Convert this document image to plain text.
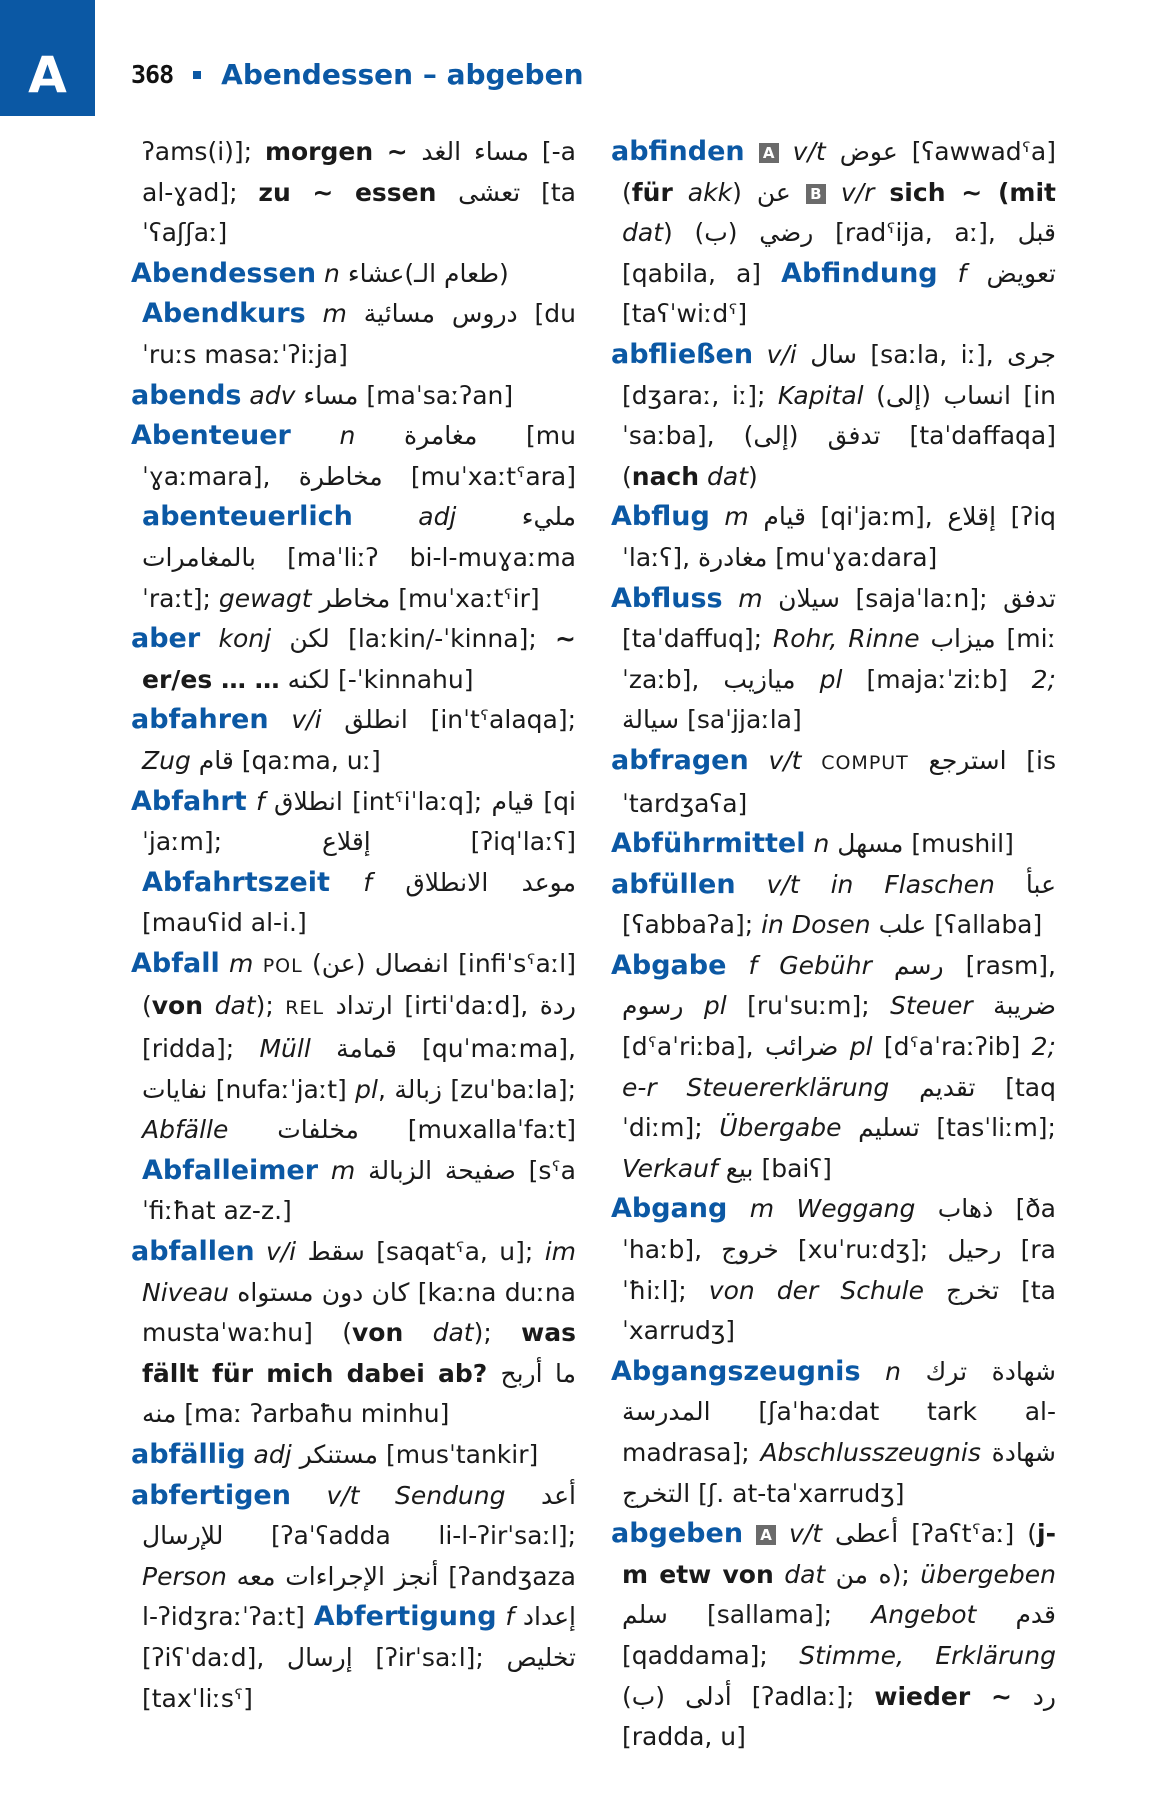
A	368 Abendessen – abgeben

ʔams(i)]; morgen ~ مساء الغد [-a al-ɣad]; zu ~ essen تعشى [taˈʕaʃʃaː]

Abendessen n (طعام الـ)عشاء

Abendkurs m دروس مسائية [duˈruːs masaːˈʔiːja]

abends adv مساء [maˈsaːʔan]

Abenteuer n مغامرة [muˈɣaːmara], مخاطرة [muˈxaːtˁara] abenteuerlich adj مليء بالمغامرات [maˈliːʔ bi-l-muɣaːmaˈraːt]; gewagt مخاطر [muˈxaːtˁir]

aber konj لكن [laːkin/-ˈkinna]; ~ er/es … … لكنه [-ˈkinnahu]

abfahren v/i انطلق [inˈtˁalaqa]; Zug قام [qaːma, uː]

Abfahrt f انطلاق [intˁiˈlaːq]; قيام [qiˈjaːm]; إقلاع [ʔiqˈlaːʕ] Abfahrtszeit f موعد الانطلاق [mauʕid al-i.]

Abfall m POL انفصال (عن) [infiˈsˁaːl] (von dat); REL ارتداد [irtiˈdaːd], ردة [ridda]; Müll قمامة [quˈmaːma], نفايات [nufaːˈjaːt] pl, زبالة [zuˈbaːla]; Abfälle مخلفات [muxallaˈfaːt] Abfalleimer m صفيحة الزبالة [sˁaˈfiːħat az-z.]

abfallen v/i سقط [saqatˁa, u]; im Niveau كان دون مستواه [kaːna duːna mustaˈwaːhu] (von dat); was fällt für mich dabei ab? ما أربح منه [maː ʔarbaħu minhu]

abfällig adj مستنكر [musˈtankir]

abfertigen v/t Sendung أعد للإرسال [ʔaˈʕadda li-l-ʔirˈsaːl]; Person أنجز الإجراءات معه [ʔandʒaza l-ʔidʒraːˈʔaːt] Abfertigung f إعداد [ʔiʕˈdaːd], إرسال [ʔirˈsaːl]; تخليص [taxˈliːsˁ]

abfinden A v/t عوض [ʕawwadˁa] (für akk) عن B v/r sich ~ (mit dat) رضي (ب) [radˁija, aː], قبل [qabila, a] Abfindung f تعويض [taʕˈwiːdˁ]

abfließen v/i سال [saːla, iː], جرى [dʒaraː, iː]; Kapital انساب (إلى) [inˈsaːba], تدفق (إلى) [taˈdaffaqa] (nach dat)

Abflug m قيام [qiˈjaːm], إقلاع [ʔiqˈlaːʕ], مغادرة [muˈɣaːdara]

Abfluss m سيلان [sajaˈlaːn]; تدفق [taˈdaffuq]; Rohr, Rinne ميزاب [miːˈzaːb], ميازيب pl [majaːˈziːb] 2; سيالة [saˈjjaːla]

abfragen v/t COMPUT استرجع [isˈtardʒaʕa]

Abführmittel n مسهل [mushil]

abfüllen v/t in Flaschen عبأ [ʕabbaʔa]; in Dosen علب [ʕallaba]

Abgabe f Gebühr رسم [rasm], رسوم pl [ruˈsuːm]; Steuer ضريبة [dˁaˈriːba], ضرائب pl [dˁaˈraːʔib] 2; e-r Steuererklärung تقديم [taqˈdiːm]; Übergabe تسليم [tasˈliːm]; Verkauf بيع [baiʕ]

Abgang m Weggang ذهاب [ðaˈhaːb], خروج [xuˈruːdʒ]; رحيل [raˈħiːl]; von der Schule تخرج [taˈxarrudʒ]

Abgangszeugnis n شهادة ترك المدرسة [ʃaˈhaːdat tark al-madrasa]; Abschlusszeugnis شهادة التخرج [ʃ. at-taˈxarrudʒ]

abgeben A v/t أعطى [ʔaʕtˁaː] (j-m etw von dat ه من); übergeben سلم [sallama]; Angebot قدم [qaddama]; Stimme, Erklärung أدلى (ب) [ʔadlaː]; wieder ~ رد [radda, u]
